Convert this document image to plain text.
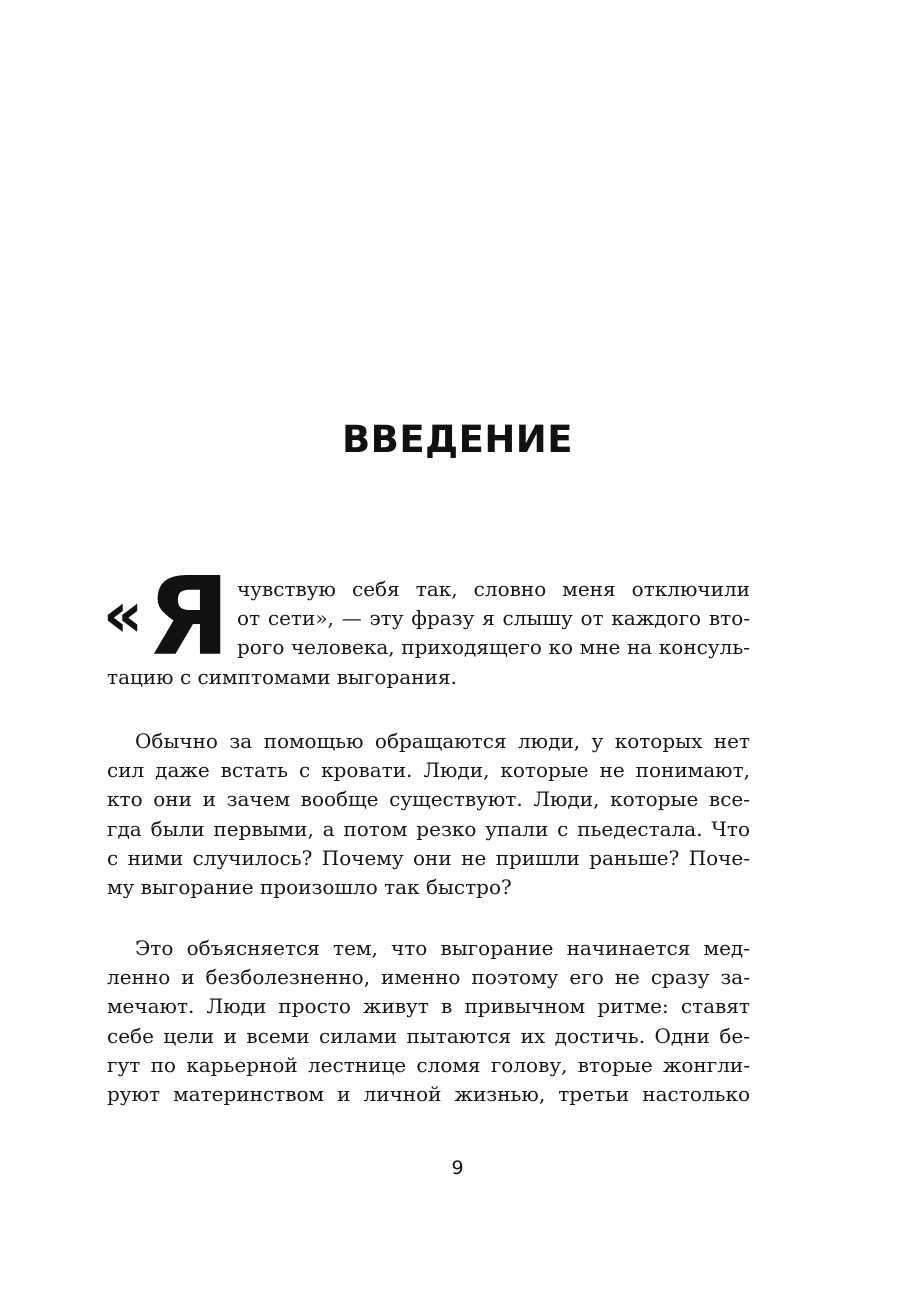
ВВЕДЕНИЕ
« Я чувствую себя так, словно меня отключили
от сети», — эту фразу я слышу от каждого вто-
рого человека, приходящего ко мне на консуль-
тацию с симптомами выгорания.
Обычно за помощью обращаются люди, у которых нет
сил даже встать с кровати. Люди, которые не понимают,
кто они и зачем вообще существуют. Люди, которые все-
гда были первыми, а потом резко упали с пьедестала. Что
с ними случилось? Почему они не пришли раньше? Поче-
му выгорание произошло так быстро?
Это объясняется тем, что выгорание начинается мед-
ленно и безболезненно, именно поэтому его не сразу за-
мечают. Люди просто живут в привычном ритме: ставят
себе цели и всеми силами пытаются их достичь. Одни бе-
гут по карьерной лестнице сломя голову, вторые жонгли-
руют материнством и личной жизнью, третьи настолько
9
